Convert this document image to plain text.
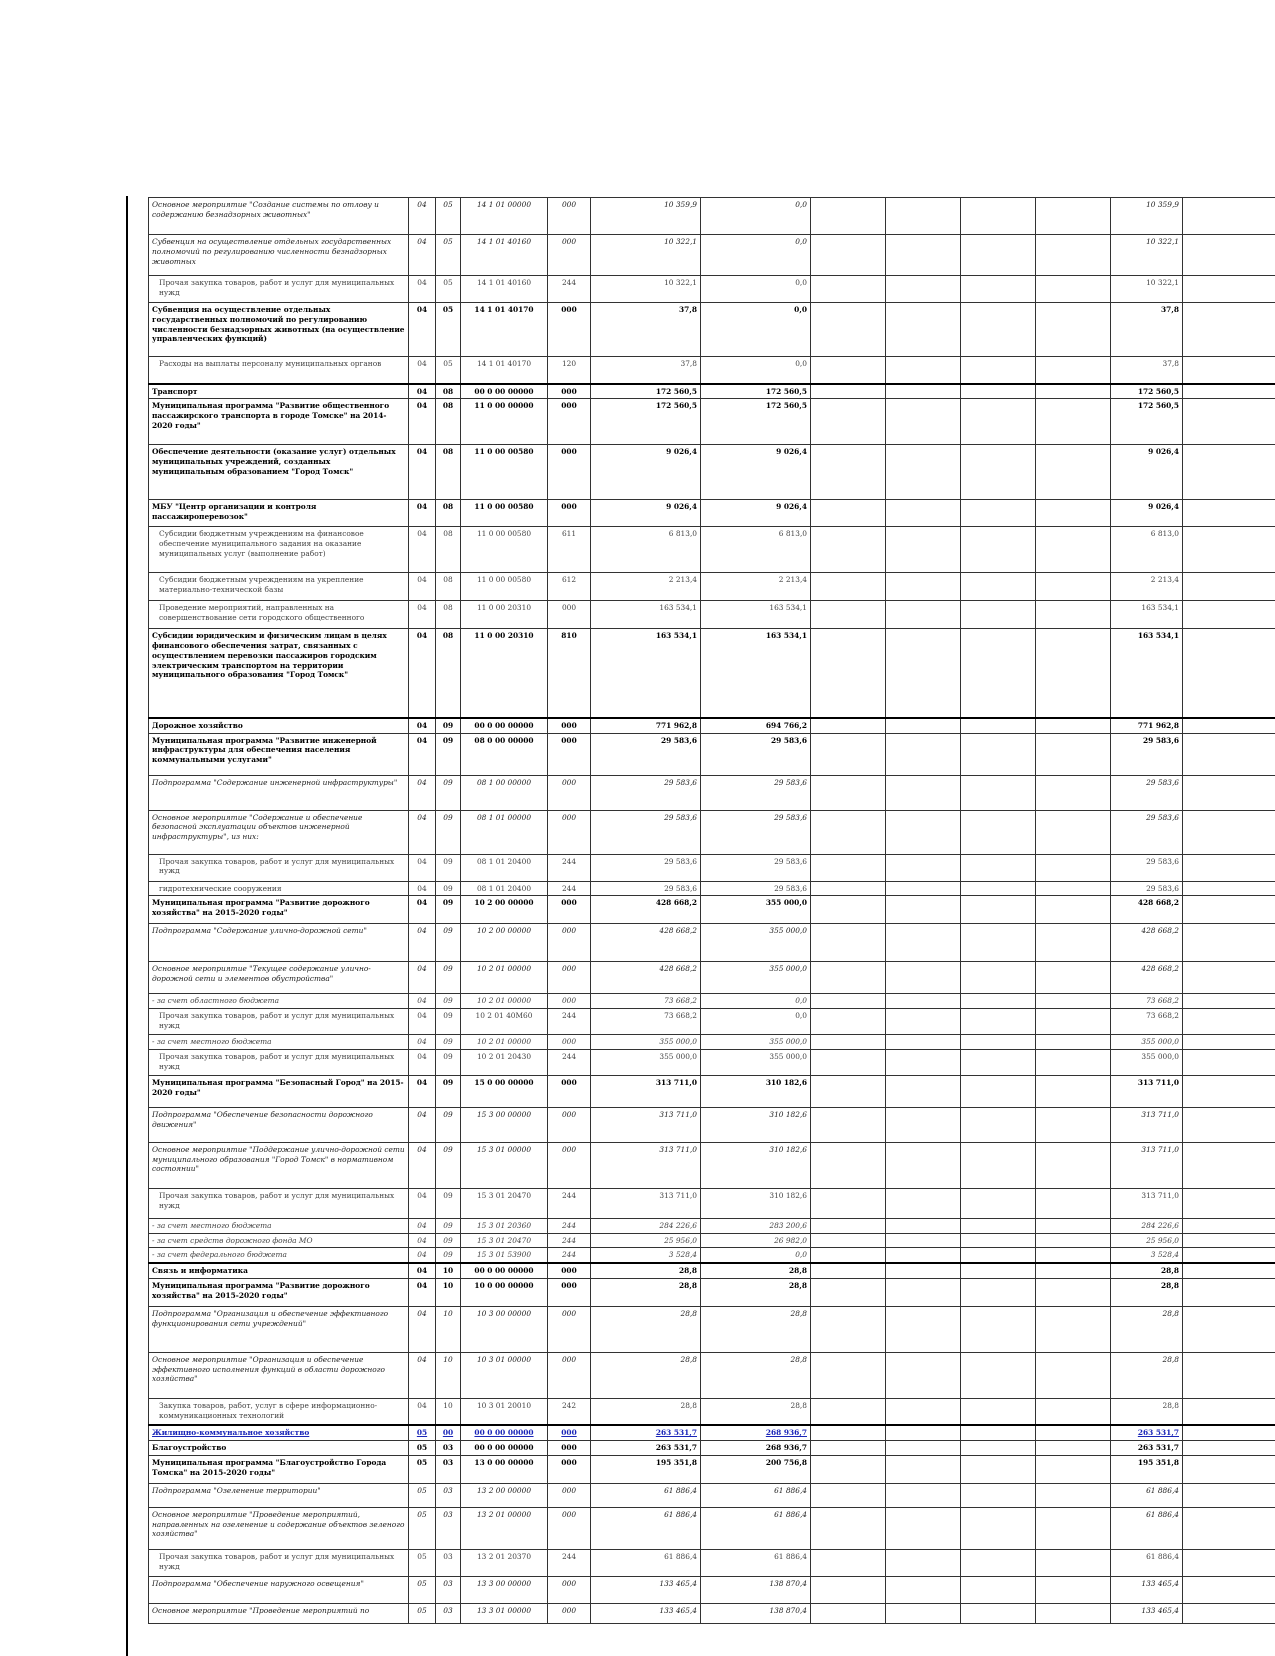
Основное мероприятие "Создание системы по отлову и содержанию безнадзорных животных"	04	05	14 1 01 00000	000	10 359,9	0,0					10 359,9	
Субвенция на осуществление отдельных государственных полномочий по регулированию численности безнадзорных животных	04	05	14 1 01 40160	000	10 322,1	0,0					10 322,1	
Прочая закупка товаров, работ и услуг для муниципальных нужд	04	05	14 1 01 40160	244	10 322,1	0,0					10 322,1	
Субвенция на осуществление отдельных государственных полномочий по регулированию численности безнадзорных животных (на осуществление управленческих функций)	04	05	14 1 01 40170	000	37,8	0,0					37,8	
Расходы на выплаты персоналу муниципальных органов	04	05	14 1 01 40170	120	37,8	0,0					37,8	
Транспорт	04	08	00 0 00 00000	000	172 560,5	172 560,5					172 560,5	
Муниципальная программа "Развитие общественного пассажирского транспорта в городе Томске" на 2014-2020 годы"	04	08	11 0 00 00000	000	172 560,5	172 560,5					172 560,5	
Обеспечение деятельности (оказание услуг) отдельных муниципальных учреждений, созданных муниципальным образованием "Город Томск"	04	08	11 0 00 00580	000	9 026,4	9 026,4					9 026,4	
МБУ "Центр организации и контроля пассажироперевозок"	04	08	11 0 00 00580	000	9 026,4	9 026,4					9 026,4	
Субсидии бюджетным учреждениям на финансовое обеспечение муниципального задания на оказание муниципальных услуг (выполнение работ)	04	08	11 0 00 00580	611	6 813,0	6 813,0					6 813,0	
Субсидии бюджетным учреждениям на укрепление материально-технической базы	04	08	11 0 00 00580	612	2 213,4	2 213,4					2 213,4	
Проведение мероприятий, направленных на совершенствование сети городского общественного	04	08	11 0 00 20310	000	163 534,1	163 534,1					163 534,1	
Субсидии юридическим и физическим лицам в целях финансового обеспечения затрат, связанных с осуществлением перевозки пассажиров городским электрическим транспортом на территории муниципального образования "Город Томск"	04	08	11 0 00 20310	810	163 534,1	163 534,1					163 534,1	
Дорожное хозяйство	04	09	00 0 00 00000	000	771 962,8	694 766,2					771 962,8	
Муниципальная программа "Развитие инженерной инфраструктуры для обеспечения населения коммунальными услугами"	04	09	08 0 00 00000	000	29 583,6	29 583,6					29 583,6	
Подпрограмма "Содержание инженерной инфраструктуры"	04	09	08 1 00 00000	000	29 583,6	29 583,6					29 583,6	
Основное мероприятие "Содержание и обеспечение безопасной эксплуатации объектов инженерной инфраструктуры", из них:	04	09	08 1 01 00000	000	29 583,6	29 583,6					29 583,6	
Прочая закупка товаров, работ и услуг для муниципальных нужд	04	09	08 1 01 20400	244	29 583,6	29 583,6					29 583,6	
гидротехнические сооружения	04	09	08 1 01 20400	244	29 583,6	29 583,6					29 583,6	
Муниципальная программа "Развитие дорожного хозяйства" на 2015-2020 годы"	04	09	10 2 00 00000	000	428 668,2	355 000,0					428 668,2	
Подпрограмма "Содержание улично-дорожной сети"	04	09	10 2 00 00000	000	428 668,2	355 000,0					428 668,2	
Основное мероприятие "Текущее содержание улично-дорожной сети и элементов обустройства"	04	09	10 2 01 00000	000	428 668,2	355 000,0					428 668,2	
- за счет областного бюджета	04	09	10 2 01 00000	000	73 668,2	0,0					73 668,2	
Прочая закупка товаров, работ и услуг для муниципальных нужд	04	09	10 2 01 40М60	244	73 668,2	0,0					73 668,2	
- за счет местного бюджета	04	09	10 2 01 00000	000	355 000,0	355 000,0					355 000,0	
Прочая закупка товаров, работ и услуг для муниципальных нужд	04	09	10 2 01 20430	244	355 000,0	355 000,0					355 000,0	
Муниципальная программа "Безопасный Город" на 2015-2020 годы"	04	09	15 0 00 00000	000	313 711,0	310 182,6					313 711,0	
Подпрограмма "Обеспечение безопасности дорожного движения"	04	09	15 3 00 00000	000	313 711,0	310 182,6					313 711,0	
Основное мероприятие "Поддержание улично-дорожной сети муниципального образования "Город Томск" в нормативном состоянии"	04	09	15 3 01 00000	000	313 711,0	310 182,6					313 711,0	
Прочая закупка товаров, работ и услуг для муниципальных нужд	04	09	15 3 01 20470	244	313 711,0	310 182,6					313 711,0	
- за счет местного бюджета	04	09	15 3 01 20360	244	284 226,6	283 200,6					284 226,6	
- за счет средств дорожного фонда МО	04	09	15 3 01 20470	244	25 956,0	26 982,0					25 956,0	
- за счет федерального бюджета	04	09	15 3 01 53900	244	3 528,4	0,0					3 528,4	
Связь и информатика	04	10	00 0 00 00000	000	28,8	28,8					28,8	
Муниципальная программа "Развитие дорожного хозяйства" на 2015-2020 годы"	04	10	10 0 00 00000	000	28,8	28,8					28,8	
Подпрограмма "Организация и обеспечение эффективного функционирования сети учреждений"	04	10	10 3 00 00000	000	28,8	28,8					28,8	
Основное мероприятие "Организация и обеспечение эффективного исполнения функций в области дорожного хозяйства"	04	10	10 3 01 00000	000	28,8	28,8					28,8	
Закупка товаров, работ, услуг в сфере информационно-коммуникационных технологий	04	10	10 3 01 20010	242	28,8	28,8					28,8	
Жилищно-коммунальное хозяйство	05	00	00 0 00 00000	000	263 531,7	268 936,7					263 531,7	
Благоустройство	05	03	00 0 00 00000	000	263 531,7	268 936,7					263 531,7	
Муниципальная программа "Благоустройство Города Томска" на 2015-2020 годы"	05	03	13 0 00 00000	000	195 351,8	200 756,8					195 351,8	
Подпрограмма "Озеленение территории"	05	03	13 2 00 00000	000	61 886,4	61 886,4					61 886,4	
Основное мероприятие "Проведение мероприятий, направленных на озеленение и содержание объектов зеленого хозяйства"	05	03	13 2 01 00000	000	61 886,4	61 886,4					61 886,4	
Прочая закупка товаров, работ и услуг для муниципальных нужд	05	03	13 2 01 20370	244	61 886,4	61 886,4					61 886,4	
Подпрограмма "Обеспечение наружного освещения"	05	03	13 3 00 00000	000	133 465,4	138 870,4					133 465,4	
Основное мероприятие "Проведение мероприятий по	05	03	13 3 01 00000	000	133 465,4	138 870,4					133 465,4	
